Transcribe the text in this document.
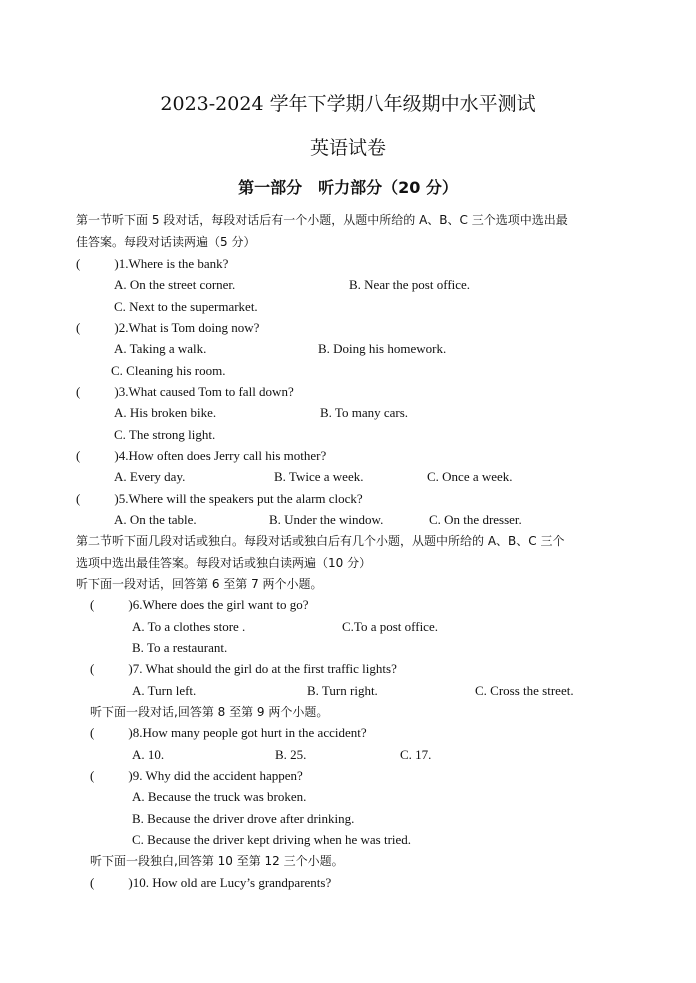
2023-2024 学年下学期八年级期中水平测试
英语试卷
第一部分　听力部分（20 分）
第一节听下面 5 段对话，每段对话后有一个小题，从题中所给的 A、B、C 三个选项中选出最
佳答案。每段对话读两遍（5 分）
(	)1.Where is the bank?
A. On the street corner.	B. Near the post office.
C. Next to the supermarket.
(	)2.What is Tom doing now?
A. Taking a walk.	B. Doing his homework.
C. Cleaning his room.
(	)3.What caused Tom to fall down?
A. His broken bike.	B. To many cars.
C. The strong light.
(	)4.How often does Jerry call his mother?
A. Every day.	B. Twice a week.	C. Once a week.
(	)5.Where will the speakers put the alarm clock?
A. On the table.	B. Under the window.	C. On the dresser.
第二节听下面几段对话或独白。每段对话或独白后有几个小题，从题中所给的 A、B、C 三个
选项中选出最佳答案。每段对话或独白读两遍（10 分）
听下面一段对话，回答第 6 至第 7 两个小题。
(	)6.Where does the girl want to go?
A. To a clothes store .	C.To a post office.
B. To a restaurant.
(	)7. What should the girl do at the first traffic lights?
A. Turn left.	B. Turn right.	C. Cross the street.
听下面一段对话,回答第 8 至第 9 两个小题。
(	)8.How many people got hurt in the accident?
A. 10.	B. 25.	C. 17.
(	)9. Why did the accident happen?
A. Because the truck was broken.
B. Because the driver drove after drinking.
C. Because the driver kept driving when he was tried.
听下面一段独白,回答第 10 至第 12 三个小题。
(	)10. How old are Lucy’s grandparents?
